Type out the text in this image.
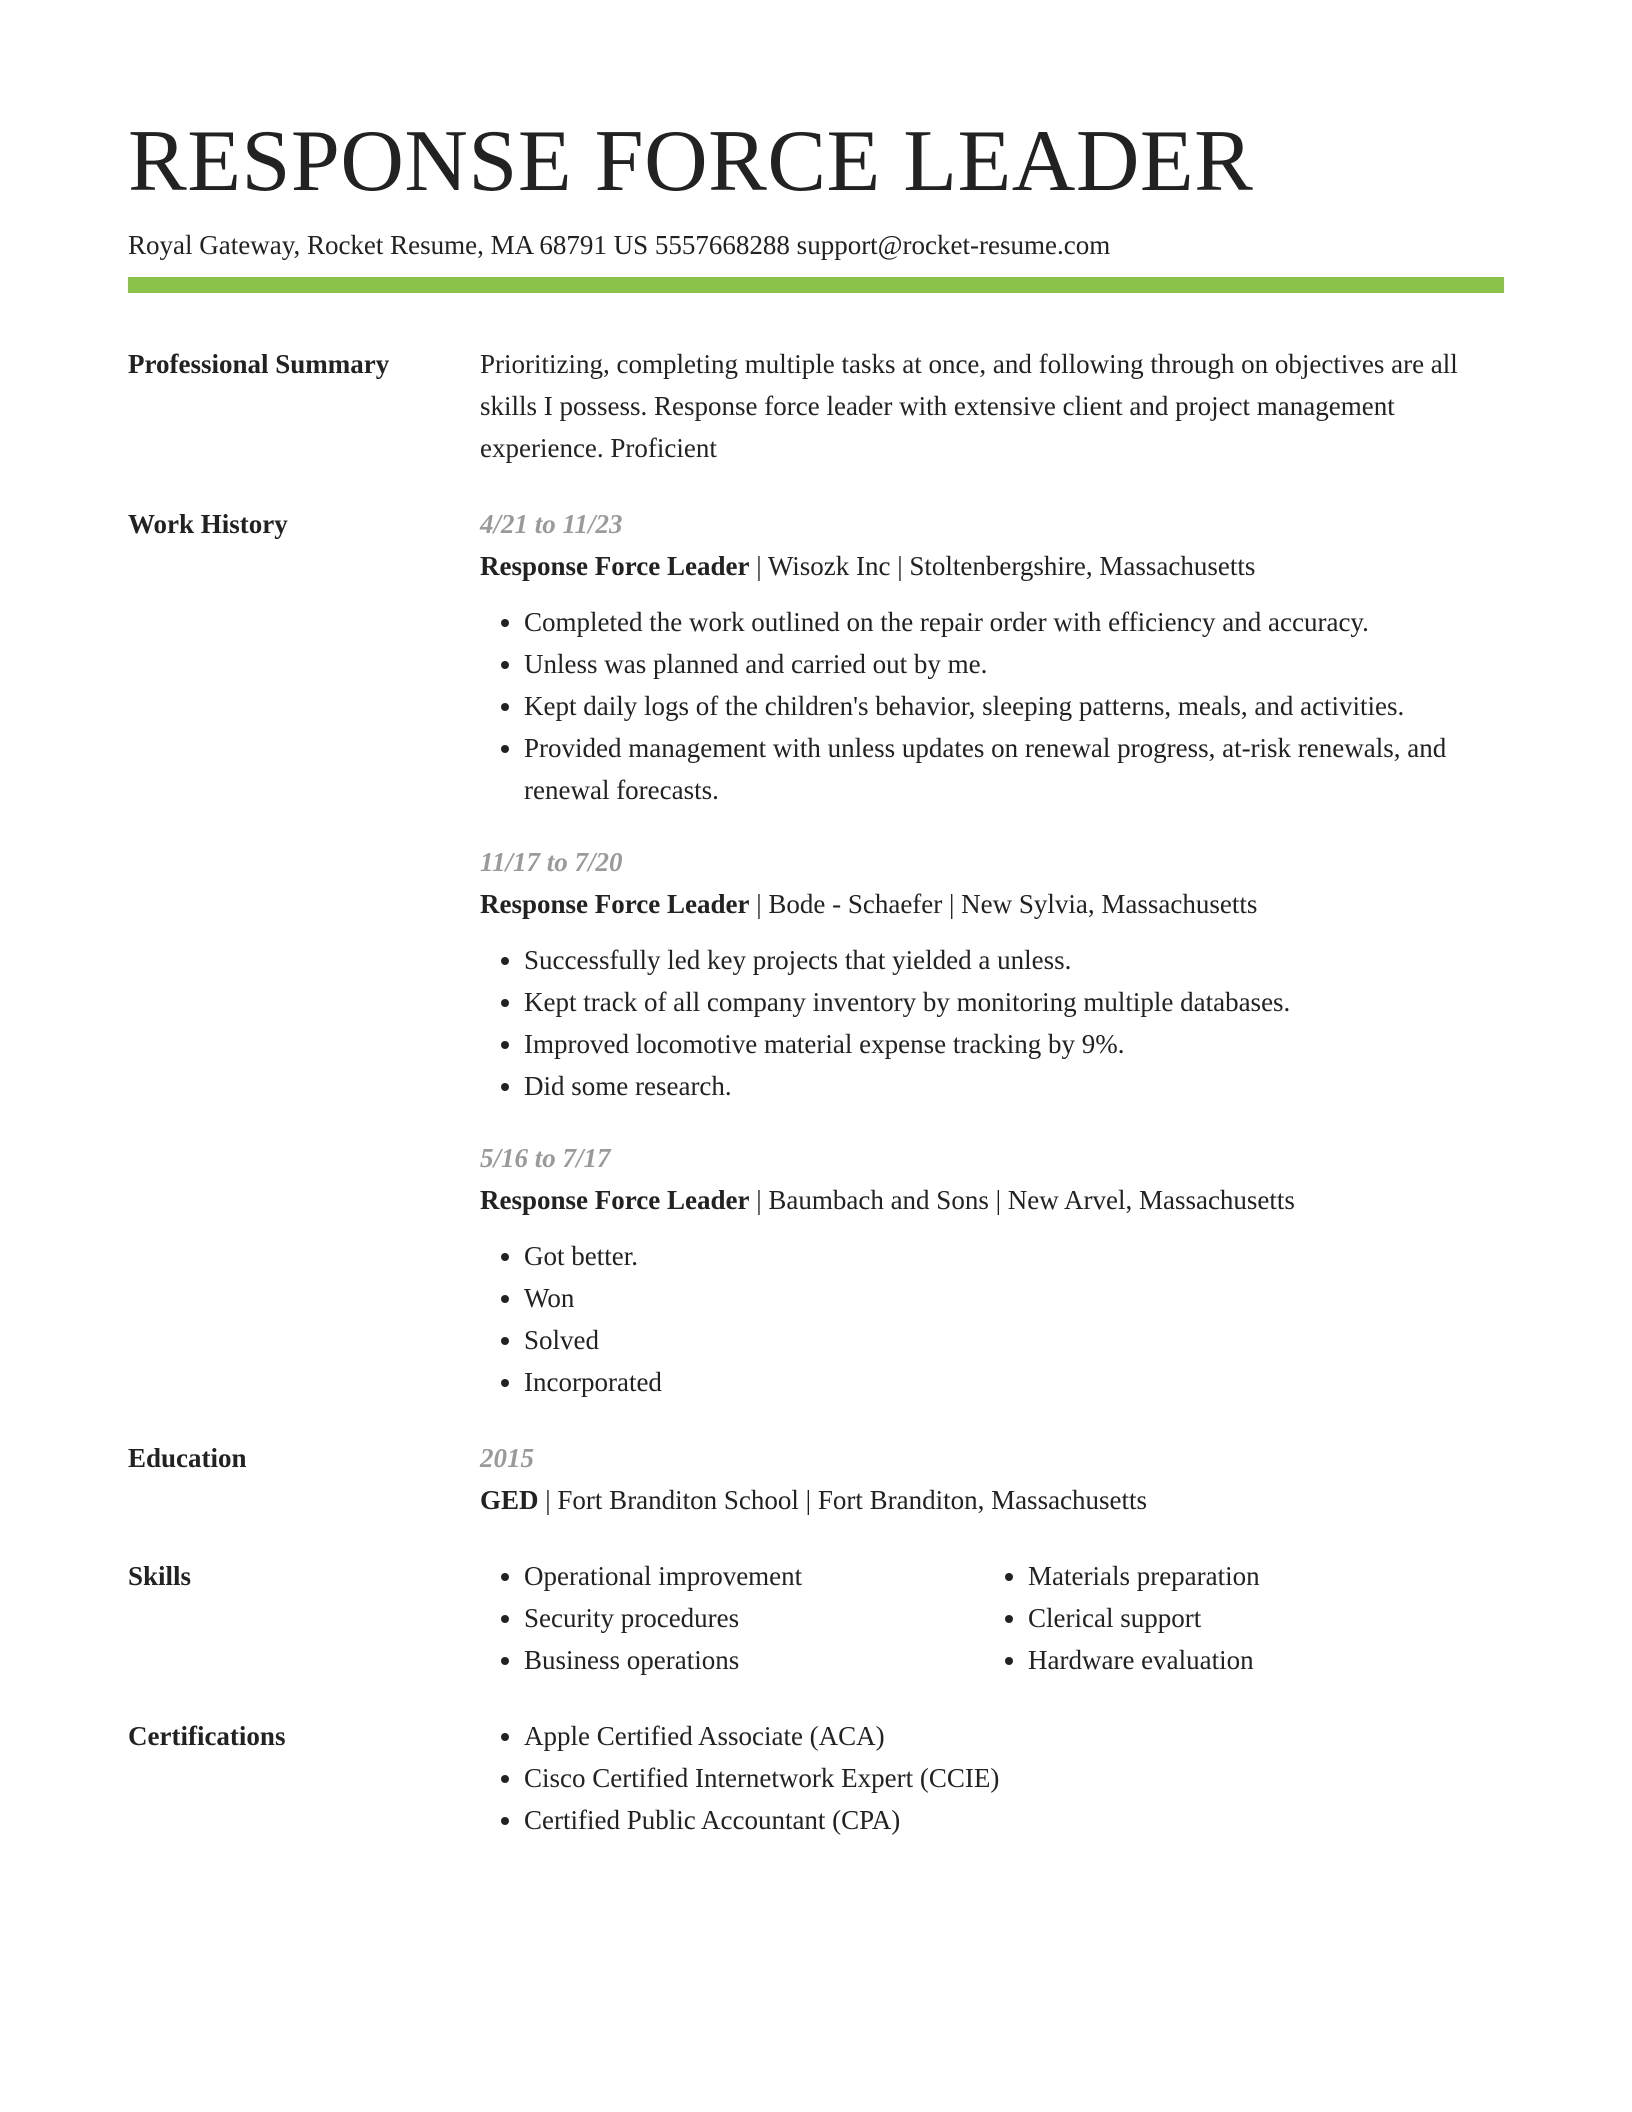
RESPONSE FORCE LEADER
Royal Gateway, Rocket Resume, MA 68791 US 5557668288 support@rocket-resume.com
Professional Summary	Prioritizing, completing multiple tasks at once, and following through on objectives are all skills I possess. Response force leader with extensive client and project management experience. Proficient
Work History	4/21 to 11/23
Response Force Leader | Wisozk Inc | Stoltenbergshire, Massachusetts
• Completed the work outlined on the repair order with efficiency and accuracy.
• Unless was planned and carried out by me.
• Kept daily logs of the children's behavior, sleeping patterns, meals, and activities.
• Provided management with unless updates on renewal progress, at-risk renewals, and renewal forecasts.
11/17 to 7/20
Response Force Leader | Bode - Schaefer | New Sylvia, Massachusetts
• Successfully led key projects that yielded a unless.
• Kept track of all company inventory by monitoring multiple databases.
• Improved locomotive material expense tracking by 9%.
• Did some research.
5/16 to 7/17
Response Force Leader | Baumbach and Sons | New Arvel, Massachusetts
• Got better.
• Won
• Solved
• Incorporated
Education	2015
GED | Fort Branditon School | Fort Branditon, Massachusetts
Skills	• Operational improvement
• Security procedures
• Business operations
• Materials preparation
• Clerical support
• Hardware evaluation
Certifications	• Apple Certified Associate (ACA)
• Cisco Certified Internetwork Expert (CCIE)
• Certified Public Accountant (CPA)
